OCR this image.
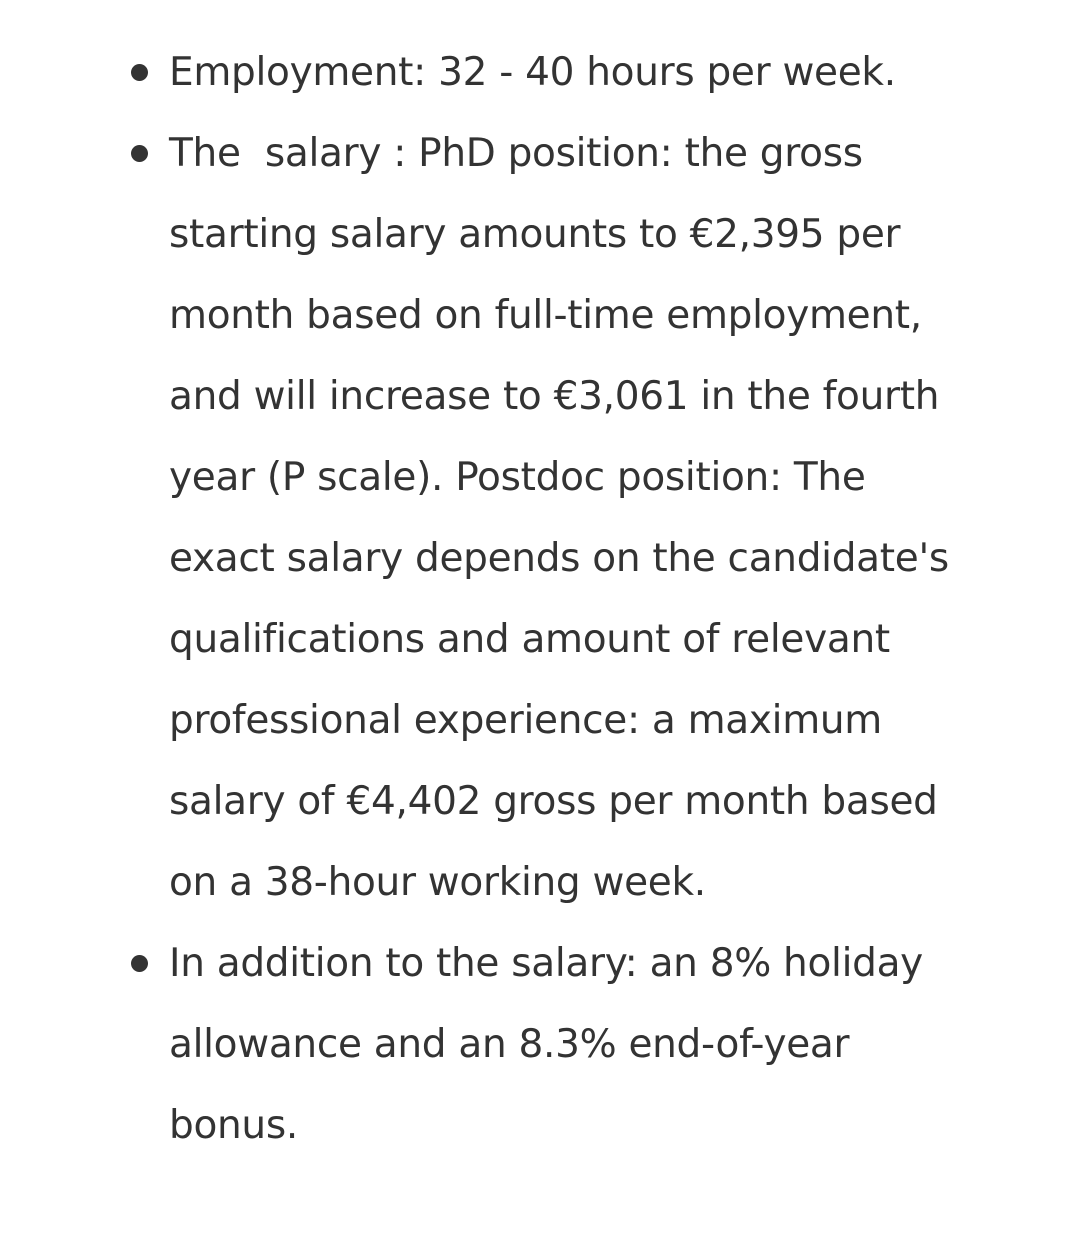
Employment: 32 - 40 hours per week.
The  salary : PhD position: the gross starting salary amounts to €2,395 per month based on full-time employment, and will increase to €3,061 in the fourth year (P scale). Postdoc position: The exact salary depends on the candidate's qualifications and amount of relevant professional experience: a maximum salary of €4,402 gross per month based on a 38-hour working week.
In addition to the salary: an 8% holiday allowance and an 8.3% end-of-year bonus.
